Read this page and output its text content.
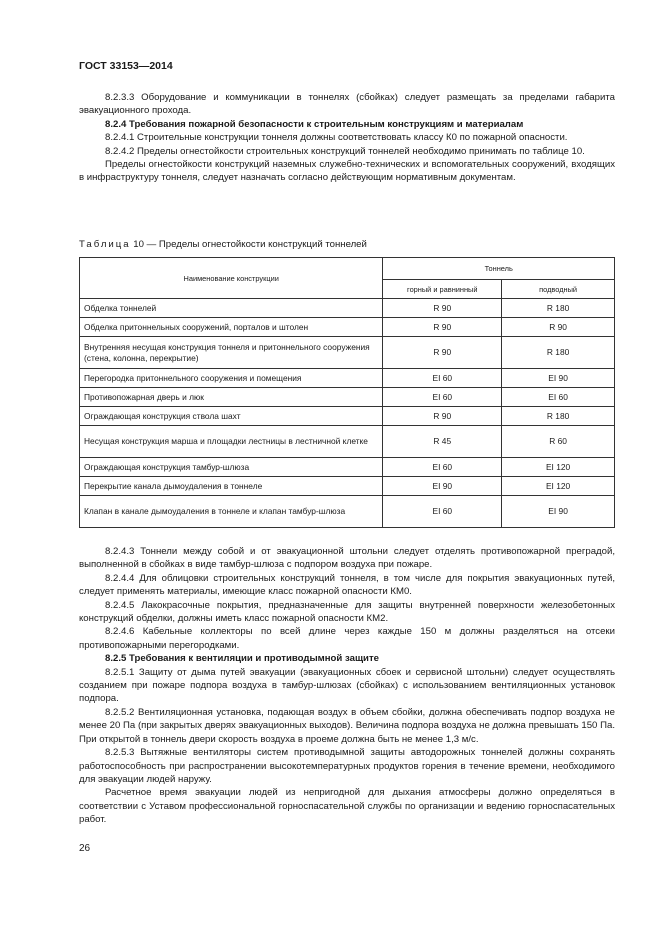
ГОСТ 33153—2014

8.2.3.3 Оборудование и коммуникации в тоннелях (сбойках) следует размещать за пределами габарита эвакуационного прохода.

8.2.4 Требования пожарной безопасности к строительным конструкциям и материалам

8.2.4.1 Строительные конструкции тоннеля должны соответствовать классу К0 по пожарной опасности.

8.2.4.2 Пределы огнестойкости строительных конструкций тоннелей необходимо принимать по таблице 10.

Пределы огнестойкости конструкций наземных служебно-технических и вспомогательных сооружений, входящих в инфраструктуру тоннеля, следует назначать согласно действующим нормативным документам.

Таблица 10 — Пределы огнестойкости конструкций тоннелей
Наименование конструкции	Тоннель	
	горный и равнинный	подводный
Обделка тоннелей	R 90	R 180
Обделка притоннельных сооружений, порталов и штолен	R 90	R 90
Внутренняя несущая конструкция тоннеля и притоннельного сооружения (стена, колонна, перекрытие)	R 90	R 180
Перегородка притоннельного сооружения и помещения	EI 60	EI 90
Противопожарная дверь и люк	EI 60	EI 60
Ограждающая конструкция ствола шахт	R 90	R 180
Несущая конструкция марша и площадки лестницы в лестничной клетке	R 45	R 60
Ограждающая конструкция тамбур-шлюза	EI 60	EI 120
Перекрытие канала дымоудаления в тоннеле	EI 90	EI 120
Клапан в канале дымоудаления в тоннеле и клапан тамбур-шлюза	EI 60	EI 90

8.2.4.3 Тоннели между собой и от эвакуационной штольни следует отделять противопожарной преградой, выполненной в сбойках в виде тамбур-шлюза с подпором воздуха при пожаре.

8.2.4.4 Для облицовки строительных конструкций тоннеля, в том числе для покрытия эвакуационных путей, следует применять материалы, имеющие класс пожарной опасности КМ0.

8.2.4.5 Лакокрасочные покрытия, предназначенные для защиты внутренней поверхности железобетонных конструкций обделки, должны иметь класс пожарной опасности КМ2.

8.2.4.6 Кабельные коллекторы по всей длине через каждые 150 м должны разделяться на отсеки противопожарными перегородками.

8.2.5 Требования к вентиляции и противодымной защите

8.2.5.1 Защиту от дыма путей эвакуации (эвакуационных сбоек и сервисной штольни) следует осуществлять созданием при пожаре подпора воздуха в тамбур-шлюзах (сбойках) с использованием вентиляционных установок подпора.

8.2.5.2 Вентиляционная установка, подающая воздух в объем сбойки, должна обеспечивать подпор воздуха не менее 20 Па (при закрытых дверях эвакуационных выходов). Величина подпора воздуха не должна превышать 150 Па. При открытой в тоннель двери скорость воздуха в проеме должна быть не менее 1,3 м/с.

8.2.5.3 Вытяжные вентиляторы систем противодымной защиты автодорожных тоннелей должны сохранять работоспособность при распространении высокотемпературных продуктов горения в течение времени, необходимого для эвакуации людей наружу.

Расчетное время эвакуации людей из непригодной для дыхания атмосферы должно определяться в соответствии с Уставом профессиональной горноспасательной службы по организации и ведению горноспасательных работ.

26
